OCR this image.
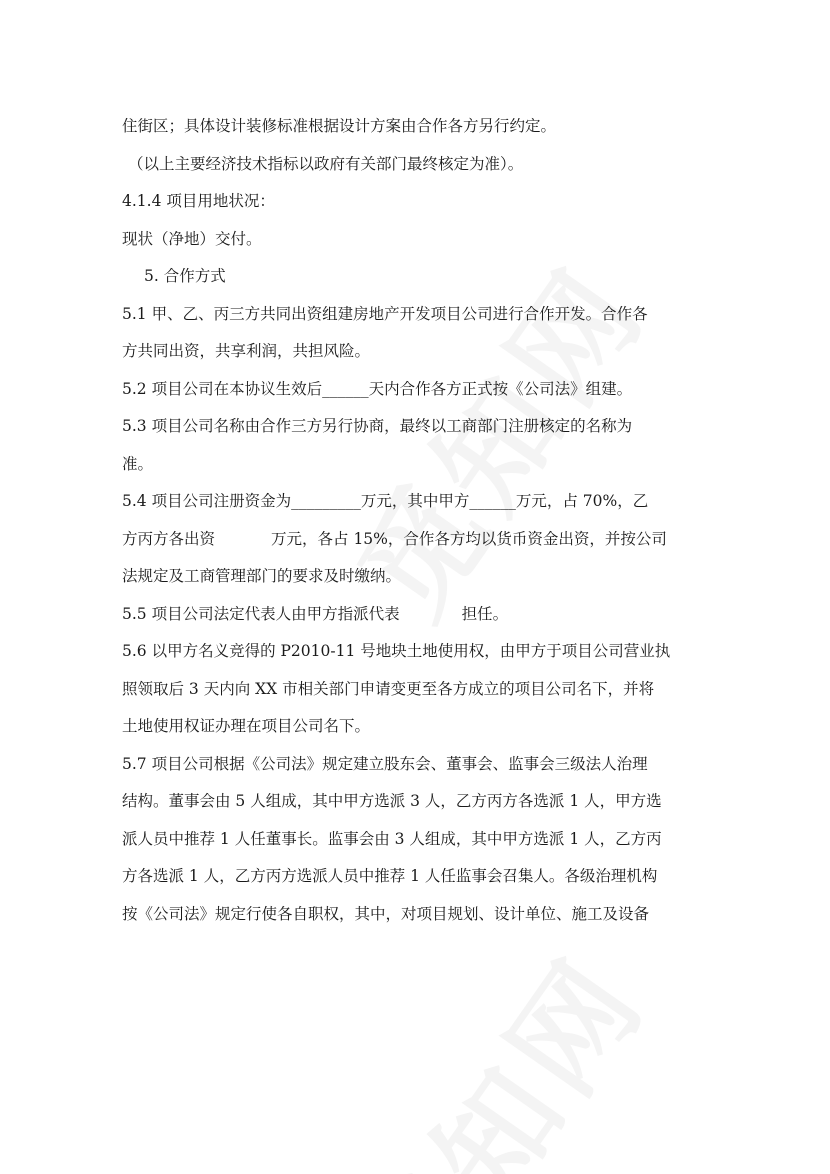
住街区；具体设计装修标准根据设计方案由合作各方另行约定。
（以上主要经济技术指标以政府有关部门最终核定为准）。
4.1.4 项目用地状况：
现状（净地）交付。
5. 合作方式
5.1 甲、乙、丙三方共同出资组建房地产开发项目公司进行合作开发。合作各
方共同出资，共享利润，共担风险。
5.2 项目公司在本协议生效后______天内合作各方正式按《公司法》组建。
5.3 项目公司名称由合作三方另行协商，最终以工商部门注册核定的名称为
准。
5.4 项目公司注册资金为_________万元，其中甲方______万元，占 70%，乙
方丙方各出资	万元，各占 15%，合作各方均以货币资金出资，并按公司
法规定及工商管理部门的要求及时缴纳。
5.5 项目公司法定代表人由甲方指派代表	担任。
5.6 以甲方名义竞得的 P2010-11 号地块土地使用权，由甲方于项目公司营业执
照领取后 3 天内向 XX 市相关部门申请变更至各方成立的项目公司名下，并将
土地使用权证办理在项目公司名下。
5.7 项目公司根据《公司法》规定建立股东会、董事会、监事会三级法人治理
结构。董事会由 5 人组成，其中甲方选派 3 人，乙方丙方各选派 1 人，甲方选
派人员中推荐 1 人任董事长。监事会由 3 人组成，其中甲方选派 1 人，乙方丙
方各选派 1 人，乙方丙方选派人员中推荐 1 人任监事会召集人。各级治理机构
按《公司法》规定行使各自职权，其中，对项目规划、设计单位、施工及设备
